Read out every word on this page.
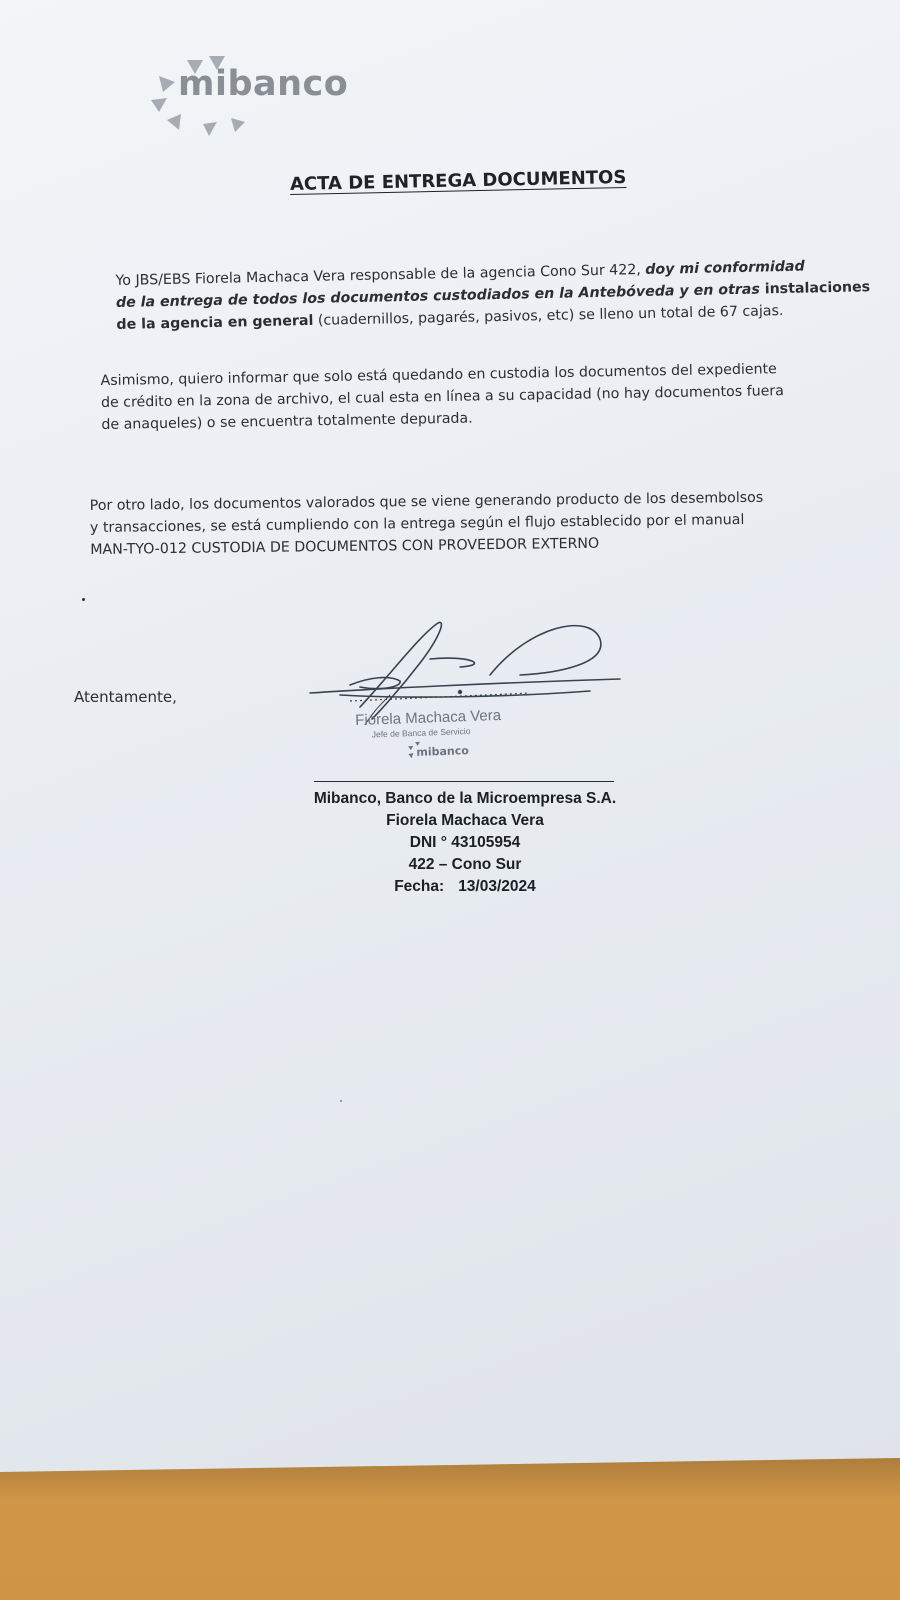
mibanco
ACTA DE ENTREGA DOCUMENTOS
Yo JBS/EBS Fiorela Machaca Vera responsable de la agencia Cono Sur 422, doy mi conformidad
de la entrega de todos los documentos custodiados en la Antebóveda y en otras instalaciones
de la agencia en general (cuadernillos, pagarés, pasivos, etc) se lleno un total de 67 cajas.
Asimismo, quiero informar que solo está quedando en custodia los documentos del expediente
de crédito en la zona de archivo, el cual esta en línea a su capacidad (no hay documentos fuera
de anaqueles) o se encuentra totalmente depurada.
Por otro lado, los documentos valorados que se viene generando producto de los desembolsos
y transacciones, se está cumpliendo con la entrega según el flujo establecido por el manual
MAN-TYO-012 CUSTODIA DE DOCUMENTOS CON PROVEEDOR EXTERNO
Atentamente,
Fiorela Machaca Vera
Jefe de Banca de Servicio
mibanco
Mibanco, Banco de la Microempresa S.A.
Fiorela Machaca Vera
DNI ° 43105954
422 – Cono Sur
Fecha: 13/03/2024
